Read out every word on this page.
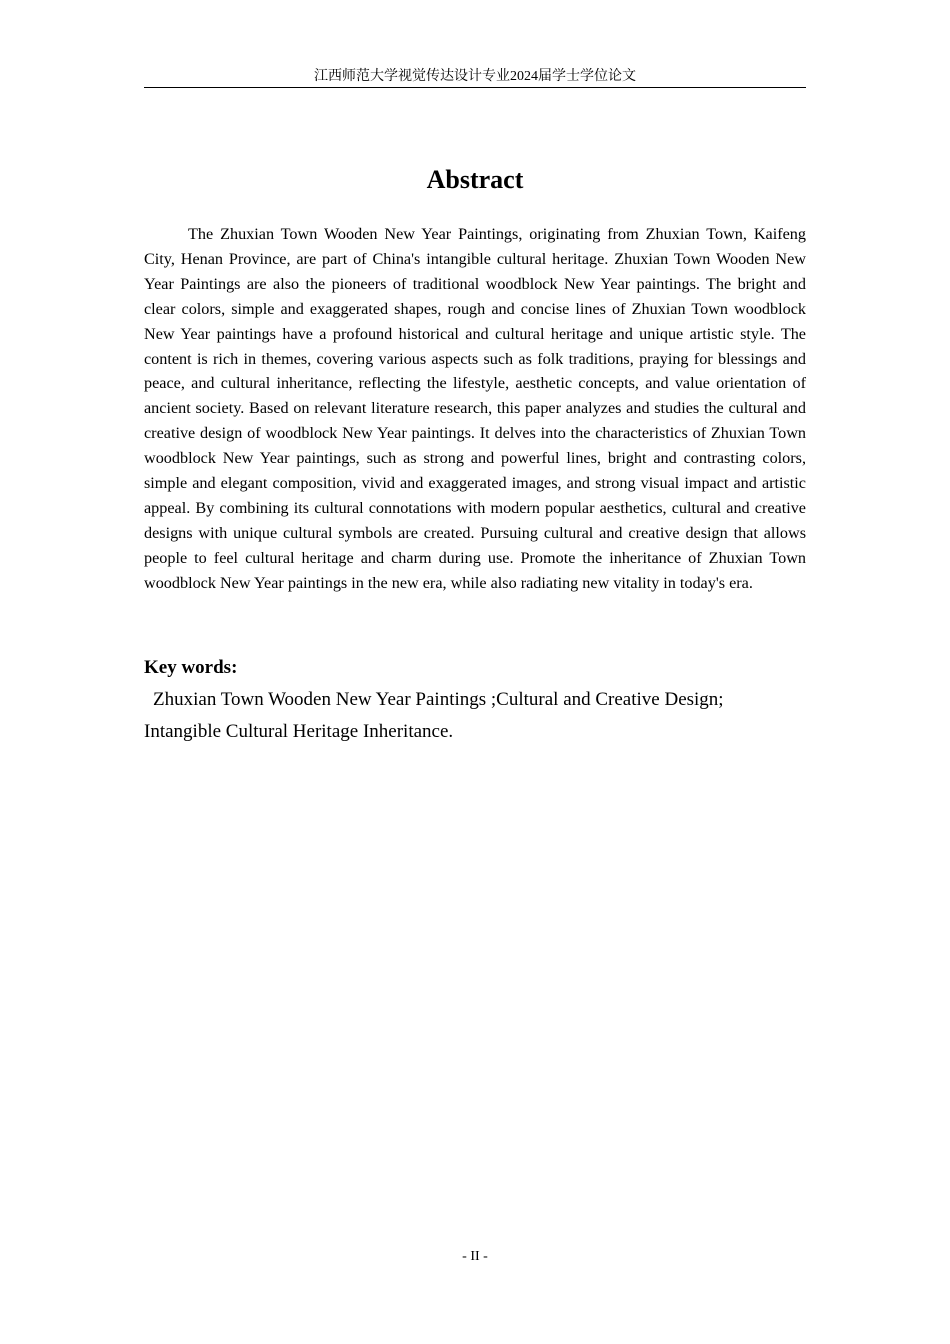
江西师范大学视觉传达设计专业2024届学士学位论文
Abstract

The Zhuxian Town Wooden New Year Paintings, originating from Zhuxian Town, Kaifeng City, Henan Province, are part of China's intangible cultural heritage. Zhuxian Town Wooden New Year Paintings are also the pioneers of traditional woodblock New Year paintings. The bright and clear colors, simple and exaggerated shapes, rough and concise lines of Zhuxian Town woodblock New Year paintings have a profound historical and cultural heritage and unique artistic style. The content is rich in themes, covering various aspects such as folk traditions, praying for blessings and peace, and cultural inheritance, reflecting the lifestyle, aesthetic concepts, and value orientation of ancient society. Based on relevant literature research, this paper analyzes and studies the cultural and creative design of woodblock New Year paintings. It delves into the characteristics of Zhuxian Town woodblock New Year paintings, such as strong and powerful lines, bright and contrasting colors, simple and elegant composition, vivid and exaggerated images, and strong visual impact and artistic appeal. By combining its cultural connotations with modern popular aesthetics, cultural and creative designs with unique cultural symbols are created. Pursuing cultural and creative design that allows people to feel cultural heritage and charm during use. Promote the inheritance of Zhuxian Town woodblock New Year paintings in the new era, while also radiating new vitality in today's era.

Key words:

Zhuxian Town Wooden New Year Paintings ;Cultural and Creative Design;

Intangible Cultural Heritage Inheritance.

- II -
